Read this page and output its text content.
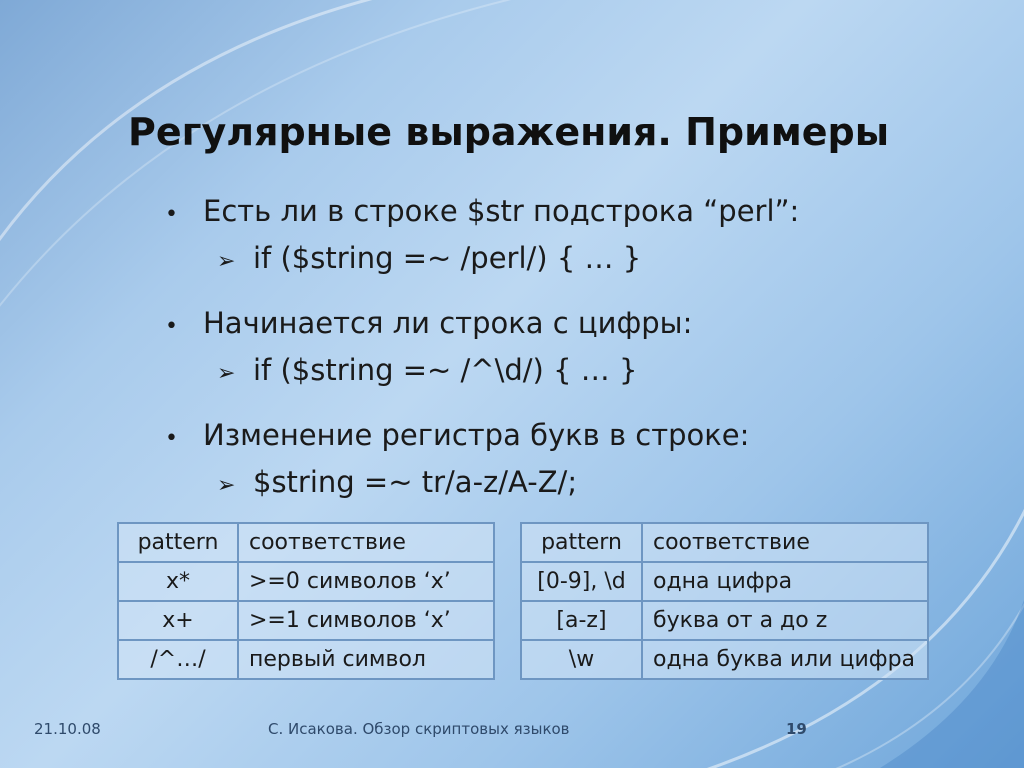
Регулярные выражения. Примеры
• Есть ли в строке $str подстрока “perl”:
➢ if ($string =~ /perl/) { … }
• Начинается ли строка с цифры:
➢ if ($string =~ /^\d/) { … }
• Изменение регистра букв в строке:
➢ $string =~ tr/a-z/A-Z/;
pattern	соответствие
x*	>=0 символов ‘x’
x+	>=1 символов ‘x’
/^…/	первый символ
pattern	соответствие
[0-9], \d	одна цифра
[a-z]	буква от a до z
\w	одна буква или цифра
21.10.08	С. Исакова. Обзор скриптовых языков	19
